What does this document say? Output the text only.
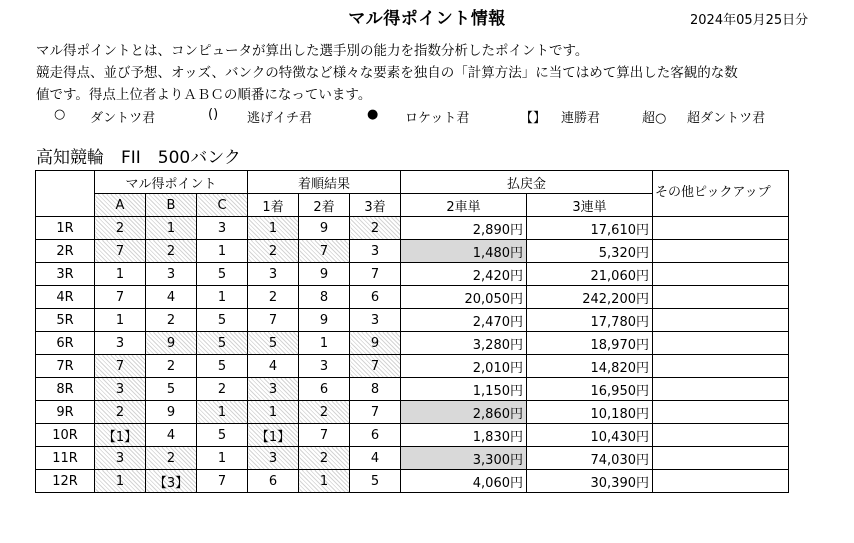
マル得ポイント情報	2024年05月25日分

マル得ポイントとは、コンピュータが算出した選手別の能力を指数分析したポイントです。

競走得点、並び予想、オッズ、バンクの特徴など様々な要素を独自の「計算方法」に当てはめて算出した客観的な数

値です。得点上位者よりＡＢＣの順番になっています。

○ ダントツ君	() 逃げイチ君	● ロケット君	【】 連勝君	超○ 超ダントツ君
高知競輪　FII　500バンク
	マル得ポイント			着順結果			払戻金		その他ピックアップ
	A	B	C	1着	2着	3着	2車単	3連単	
1R	2	1	3	1	9	2	2,890円	17,610円	
2R	7	2	1	2	7	3	1,480円	5,320円	
3R	1	3	5	3	9	7	2,420円	21,060円	
4R	7	4	1	2	8	6	20,050円	242,200円	
5R	1	2	5	7	9	3	2,470円	17,780円	
6R	3	9	5	5	1	9	3,280円	18,970円	
7R	7	2	5	4	3	7	2,010円	14,820円	
8R	3	5	2	3	6	8	1,150円	16,950円	
9R	2	9	1	1	2	7	2,860円	10,180円	
10R	【1】	4	5	【1】	7	6	1,830円	10,430円	
11R	3	2	1	3	2	4	3,300円	74,030円	
12R	1	【3】	7	6	1	5	4,060円	30,390円	
